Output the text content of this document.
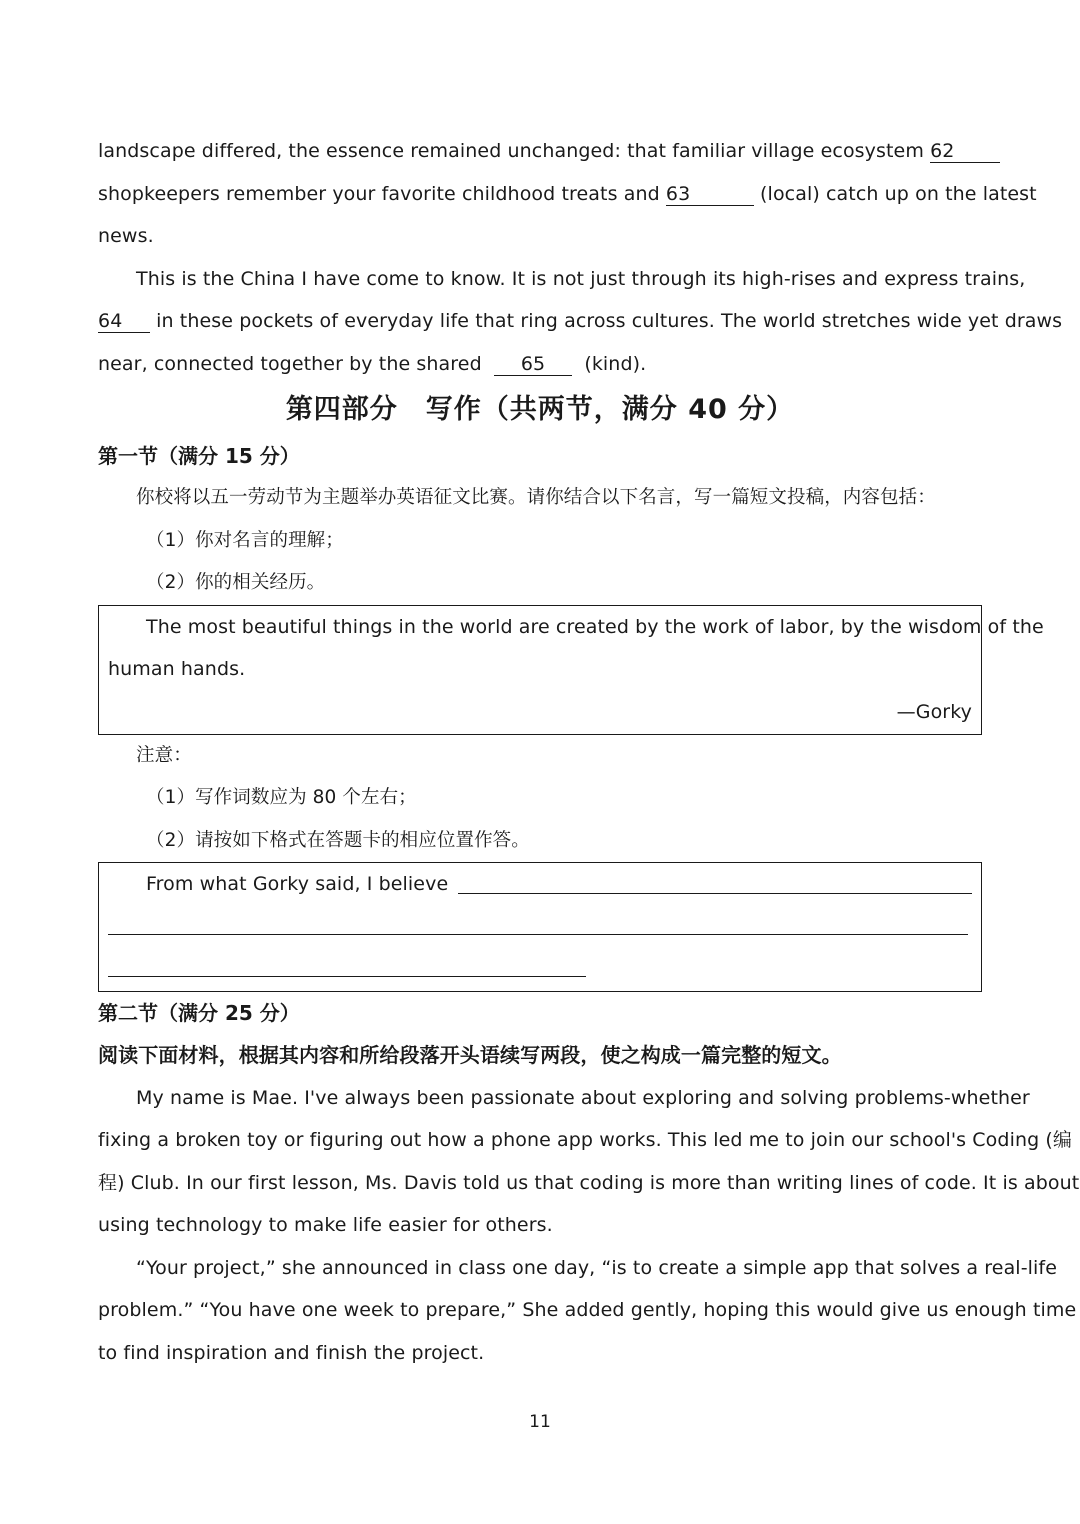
landscape differed, the essence remained unchanged: that familiar village ecosystem 62
shopkeepers remember your favorite childhood treats and 63	(local) catch up on the latest
news.
This is the China I have come to know. It is not just through its high-rises and express trains,
64 in these pockets of everyday life that ring across cultures. The world stretches wide yet draws
near, connected together by the shared 65 (kind).
第四部分　写作（共两节，满分 40 分）
第一节（满分 15 分）
你校将以五一劳动节为主题举办英语征文比赛。请你结合以下名言，写一篇短文投稿，内容包括：
（1）你对名言的理解；
（2）你的相关经历。
The most beautiful things in the world are created by the work of labor, by the wisdom of the
human hands.
—Gorky
注意：
（1）写作词数应为 80 个左右；
（2）请按如下格式在答题卡的相应位置作答。
From what Gorky said, I believe
第二节（满分 25 分）
阅读下面材料，根据其内容和所给段落开头语续写两段，使之构成一篇完整的短文。
My name is Mae. I've always been passionate about exploring and solving problems-whether
fixing a broken toy or figuring out how a phone app works. This led me to join our school's Coding (编
程) Club. In our first lesson, Ms. Davis told us that coding is more than writing lines of code. It is about
using technology to make life easier for others.
“Your project,” she announced in class one day, “is to create a simple app that solves a real-life
problem.” “You have one week to prepare,” She added gently, hoping this would give us enough time
to find inspiration and finish the project.
11
